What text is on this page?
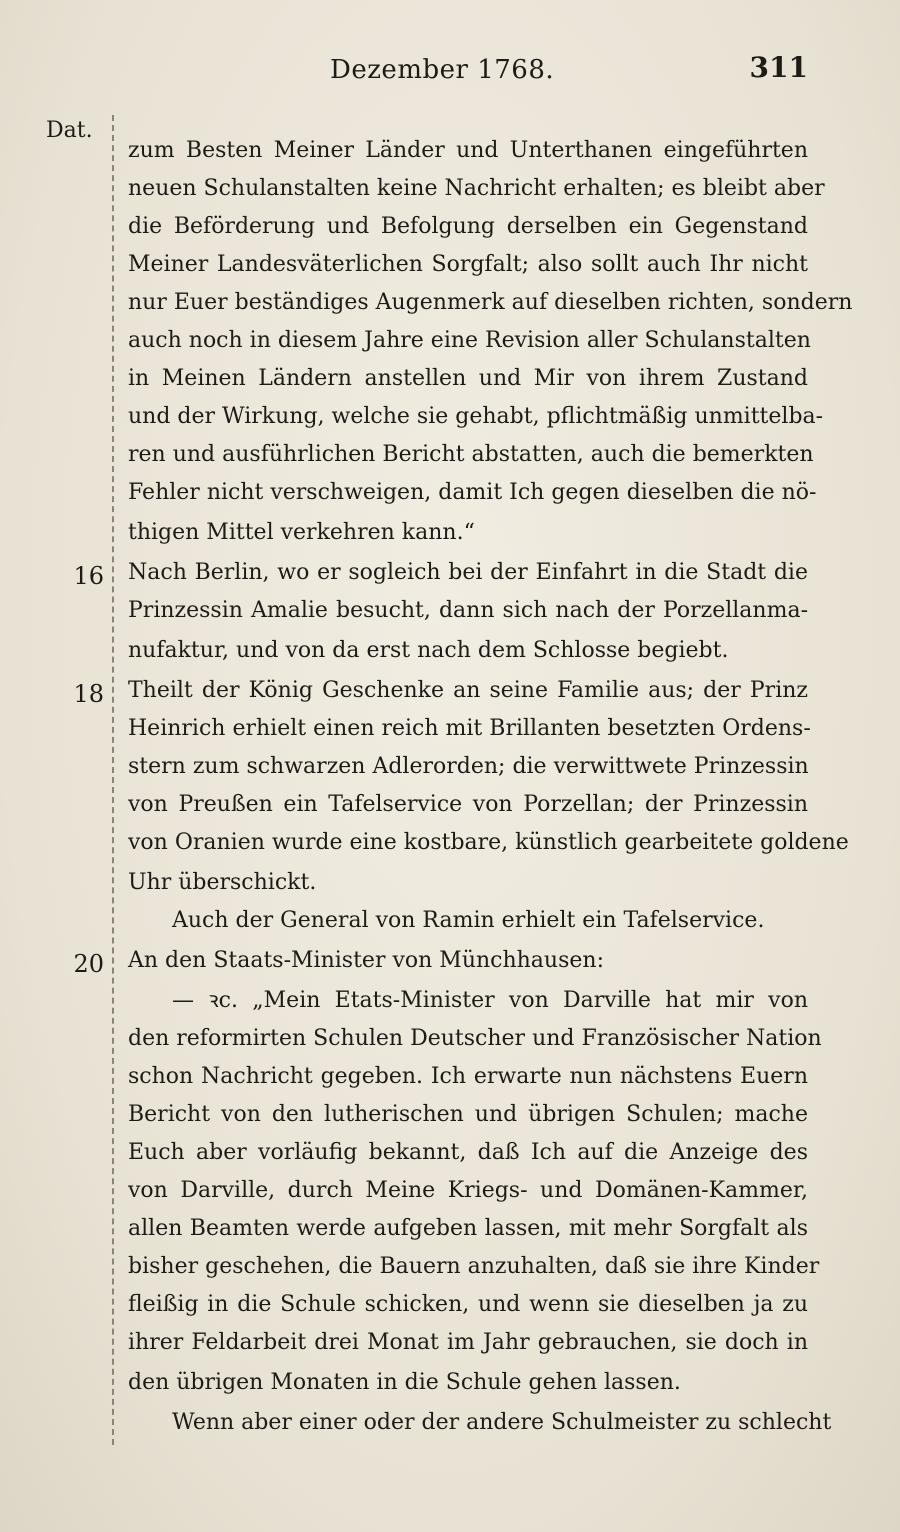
Dezember 1768.	311
Dat.
16
18
20
zum Besten Meiner Länder und Unterthanen eingeführten
neuen Schulanstalten keine Nachricht erhalten; es bleibt aber
die Beförderung und Befolgung derselben ein Gegenstand
Meiner Landesväterlichen Sorgfalt; also sollt auch Ihr nicht
nur Euer beständiges Augenmerk auf dieselben richten, sondern
auch noch in diesem Jahre eine Revision aller Schulanstalten
in Meinen Ländern anstellen und Mir von ihrem Zustand
und der Wirkung, welche sie gehabt, pflichtmäßig unmittelba-
ren und ausführlichen Bericht abstatten, auch die bemerkten
Fehler nicht verschweigen, damit Ich gegen dieselben die nö-
thigen Mittel verkehren kann.“
Nach Berlin, wo er sogleich bei der Einfahrt in die Stadt die
Prinzessin Amalie besucht, dann sich nach der Porzellanma-
nufaktur, und von da erst nach dem Schlosse begiebt.
Theilt der König Geschenke an seine Familie aus; der Prinz
Heinrich erhielt einen reich mit Brillanten besetzten Ordens-
stern zum schwarzen Adlerorden; die verwittwete Prinzessin
von Preußen ein Tafelservice von Porzellan; der Prinzessin
von Oranien wurde eine kostbare, künstlich gearbeitete goldene
Uhr überschickt.
Auch der General von Ramin erhielt ein Tafelservice.
An den Staats-Minister von Münchhausen:
— ꝛc. „Mein Etats-Minister von Darville hat mir von
den reformirten Schulen Deutscher und Französischer Nation
schon Nachricht gegeben. Ich erwarte nun nächstens Euern
Bericht von den lutherischen und übrigen Schulen; mache
Euch aber vorläufig bekannt, daß Ich auf die Anzeige des
von Darville, durch Meine Kriegs- und Domänen-Kammer,
allen Beamten werde aufgeben lassen, mit mehr Sorgfalt als
bisher geschehen, die Bauern anzuhalten, daß sie ihre Kinder
fleißig in die Schule schicken, und wenn sie dieselben ja zu
ihrer Feldarbeit drei Monat im Jahr gebrauchen, sie doch in
den übrigen Monaten in die Schule gehen lassen.
Wenn aber einer oder der andere Schulmeister zu schlecht
